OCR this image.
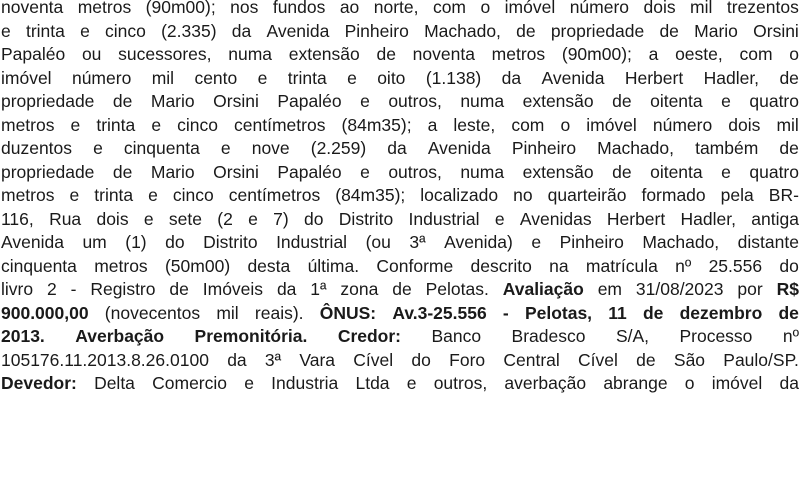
noventa metros (90m00); nos fundos ao norte, com o imóvel número dois mil trezentos
e trinta e cinco (2.335) da Avenida Pinheiro Machado, de propriedade de Mario Orsini
Papaléo ou sucessores, numa extensão de noventa metros (90m00); a oeste, com o
imóvel número mil cento e trinta e oito (1.138) da Avenida Herbert Hadler, de
propriedade de Mario Orsini Papaléo e outros, numa extensão de oitenta e quatro
metros e trinta e cinco centímetros (84m35); a leste, com o imóvel número dois mil
duzentos e cinquenta e nove (2.259) da Avenida Pinheiro Machado, também de
propriedade de Mario Orsini Papaléo e outros, numa extensão de oitenta e quatro
metros e trinta e cinco centímetros (84m35); localizado no quarteirão formado pela BR-
116, Rua dois e sete (2 e 7) do Distrito Industrial e Avenidas Herbert Hadler, antiga
Avenida um (1) do Distrito Industrial (ou 3ª Avenida) e Pinheiro Machado, distante
cinquenta metros (50m00) desta última. Conforme descrito na matrícula nº 25.556 do
livro 2 - Registro de Imóveis da 1ª zona de Pelotas. Avaliação em 31/08/2023 por R$
900.000,00 (novecentos mil reais). ÔNUS: Av.3-25.556 - Pelotas, 11 de dezembro de
2013. Averbação Premonitória. Credor: Banco Bradesco S/A, Processo nº
105176.11.2013.8.26.0100 da 3ª Vara Cível do Foro Central Cível de São Paulo/SP.
Devedor: Delta Comercio e Industria Ltda e outros, averbação abrange o imóvel da
